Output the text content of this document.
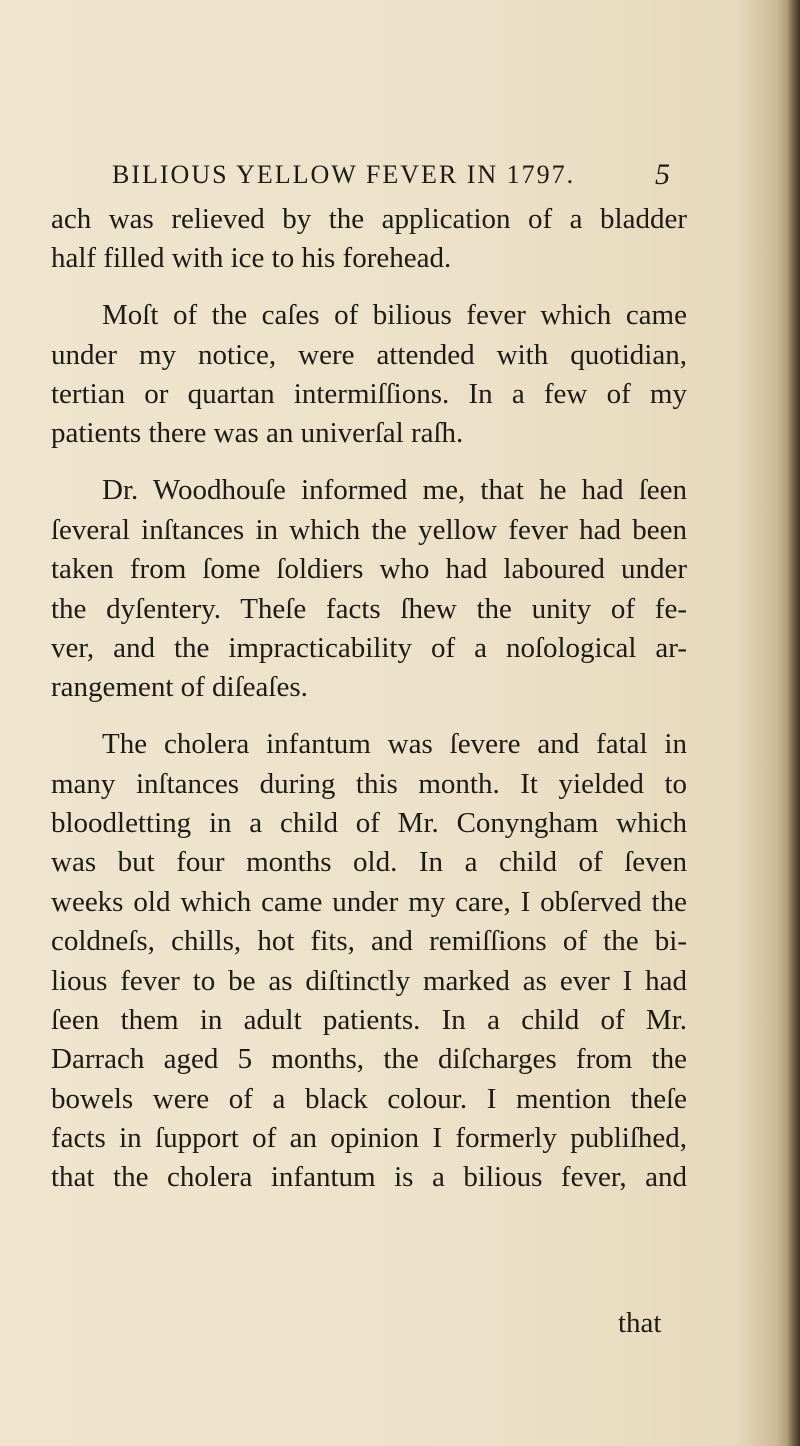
BILIOUS YELLOW FEVER IN 1797.	5
ach was relieved by the application of a bladder
half filled with ice to his forehead.
Moſt of the caſes of bilious fever which came
under my notice, were attended with quotidian,
tertian or quartan intermiſſions. In a few of my
patients there was an univerſal raſh.
Dr. Woodhouſe informed me, that he had ſeen
ſeveral inſtances in which the yellow fever had been
taken from ſome ſoldiers who had laboured under
the dyſentery. Theſe facts ſhew the unity of fe-
ver, and the impracticability of a noſological ar-
rangement of diſeaſes.
The cholera infantum was ſevere and fatal in
many inſtances during this month. It yielded to
bloodletting in a child of Mr. Conyngham which
was but four months old. In a child of ſeven
weeks old which came under my care, I obſerved the
coldneſs, chills, hot fits, and remiſſions of the bi-
lious fever to be as diſtinctly marked as ever I had
ſeen them in adult patients. In a child of Mr.
Darrach aged 5 months, the diſcharges from the
bowels were of a black colour. I mention theſe
facts in ſupport of an opinion I formerly publiſhed,
that the cholera infantum is a bilious fever, and
that
